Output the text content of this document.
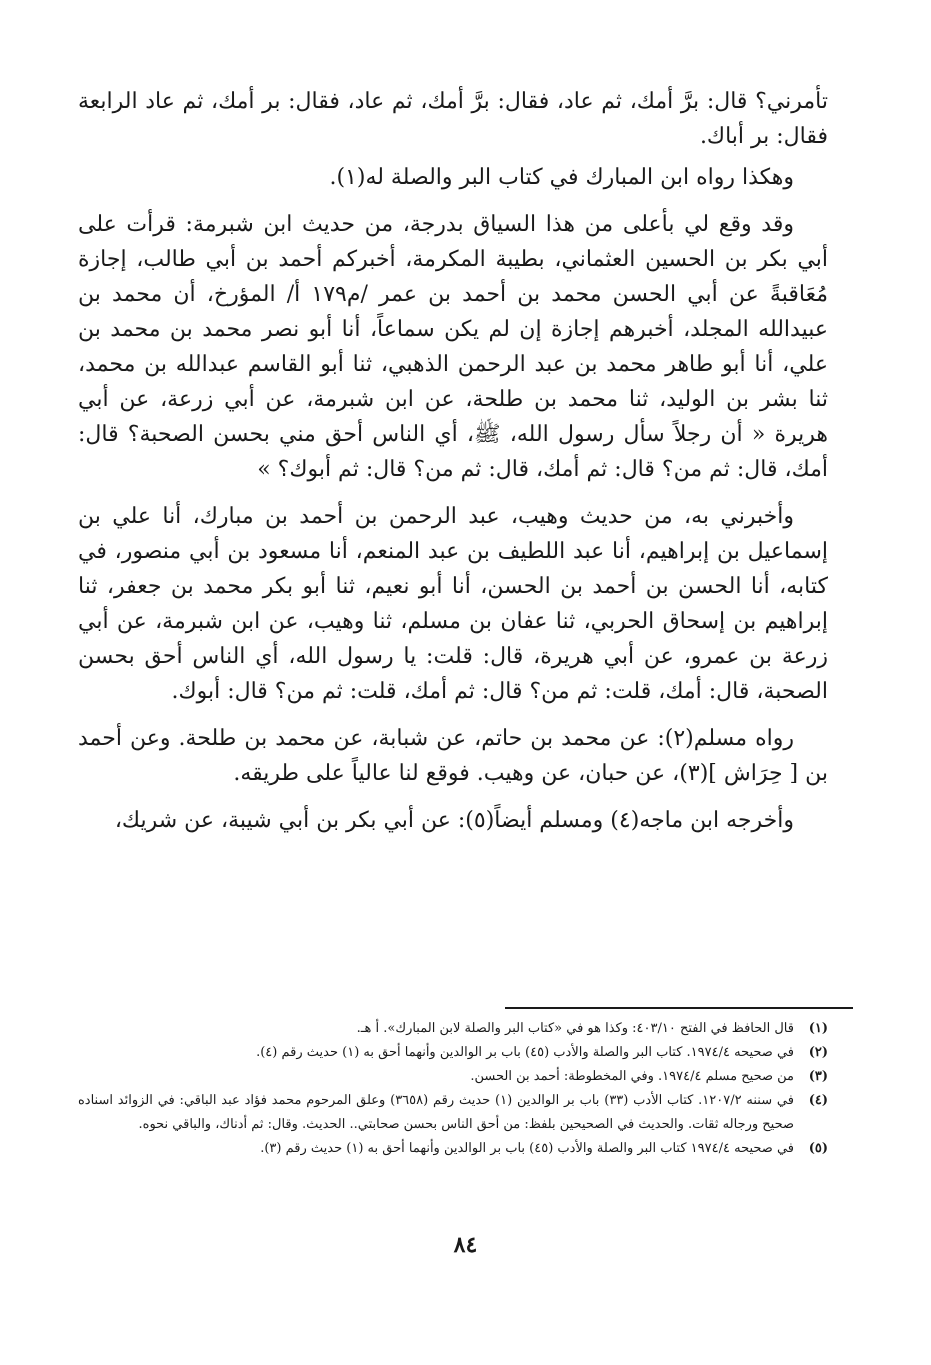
تأمرني؟ قال: برَّ أمك، ثم عاد، فقال: برَّ أمك، ثم عاد، فقال: بر أمك، ثم عاد الرابعة فقال: بر أباك.

وهكذا رواه ابن المبارك في كتاب البر والصلة له(١).

وقد وقع لي بأعلى من هذا السياق بدرجة، من حديث ابن شبرمة: قرأت على أبي بكر بن الحسين العثماني، بطيبة المكرمة، أخبركم أحمد بن أبي طالب، إجازة مُعَاقبةً عن أبي الحسن محمد بن أحمد بن عمر /م١٧٩ أ/ المؤرخ، أن محمد بن عبيدالله المجلد، أخبرهم إجازة إن لم يكن سماعاً، أنا أبو نصر محمد بن محمد بن علي، أنا أبو طاهر محمد بن عبد الرحمن الذهبي، ثنا أبو القاسم عبدالله بن محمد، ثنا بشر بن الوليد، ثنا محمد بن طلحة، عن ابن شبرمة، عن أبي زرعة، عن أبي هريرة « أن رجلاً سأل رسول الله، ﷺ، أي الناس أحق مني بحسن الصحبة؟ قال: أمك، قال: ثم من؟ قال: ثم أمك، قال: ثم من؟ قال: ثم أبوك؟ »

وأخبرني به، من حديث وهيب، عبد الرحمن بن أحمد بن مبارك، أنا علي بن إسماعيل بن إبراهيم، أنا عبد اللطيف بن عبد المنعم، أنا مسعود بن أبي منصور، في كتابه، أنا الحسن بن أحمد بن الحسن، أنا أبو نعيم، ثنا أبو بكر محمد بن جعفر، ثنا إبراهيم بن إسحاق الحربي، ثنا عفان بن مسلم، ثنا وهيب، عن ابن شبرمة، عن أبي زرعة بن عمرو، عن أبي هريرة، قال: قلت: يا رسول الله، أي الناس أحق بحسن الصحبة، قال: أمك، قلت: ثم من؟ قال: ثم أمك، قلت: ثم من؟ قال: أبوك.

رواه مسلم(٢): عن محمد بن حاتم، عن شبابة، عن محمد بن طلحة. وعن أحمد بن [ حِرَاش ](٣)، عن حبان، عن وهيب. فوقع لنا عالياً على طريقه.

وأخرجه ابن ماجه(٤) ومسلم أيضاً(٥): عن أبي بكر بن أبي شيبة، عن شريك،

(١)
قال الحافظ في الفتح ٤٠٣/١٠: وكذا هو في «كتاب البر والصلة لابن المبارك». أ هـ.
(٢)
في صحيحه ١٩٧٤/٤. كتاب البر والصلة والأدب (٤٥) باب بر الوالدين وأنهما أحق به (١) حديث رقم (٤).
(٣)
من صحيح مسلم ١٩٧٤/٤. وفي المخطوطة: أحمد بن الحسن.
(٤)
في سننه ١٢٠٧/٢. كتاب الأدب (٣٣) باب بر الوالدين (١) حديث رقم (٣٦٥٨) وعلق المرحوم محمد فؤاد عبد الباقي: في الزوائد اسناده صحيح ورجاله ثقات. والحديث في الصحيحين بلفظ: من أحق الناس بحسن صحابتي.. الحديث. وقال: ثم أدناك، والباقي نحوه.
(٥)
في صحيحه ١٩٧٤/٤ كتاب البر والصلة والأدب (٤٥) باب بر الوالدين وأنهما أحق به (١) حديث رقم (٣).
٨٤
